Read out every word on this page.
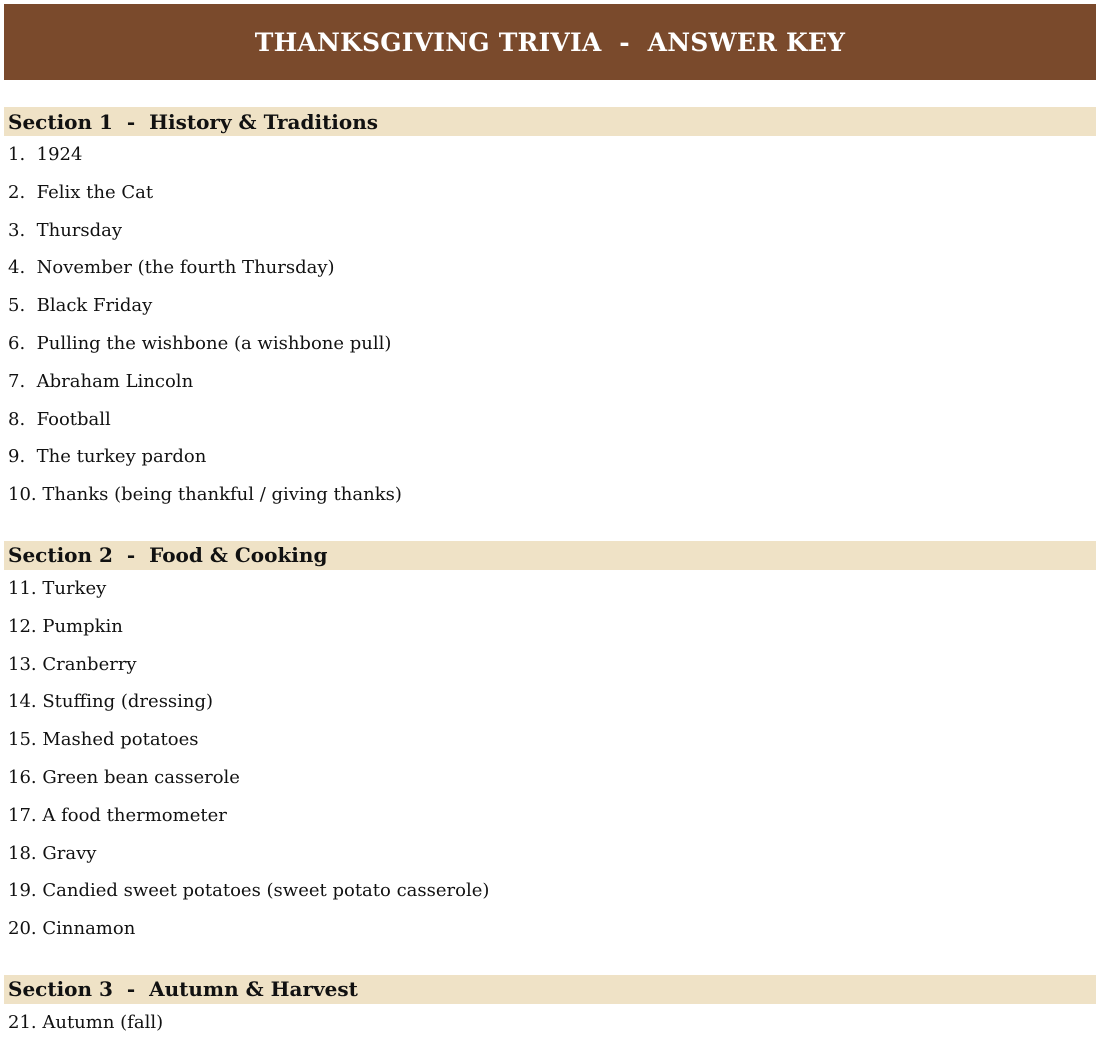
THANKSGIVING TRIVIA  -  ANSWER KEY
Section 1  -  History & Traditions
1.  1924
2.  Felix the Cat
3.  Thursday
4.  November (the fourth Thursday)
5.  Black Friday
6.  Pulling the wishbone (a wishbone pull)
7.  Abraham Lincoln
8.  Football
9.  The turkey pardon
10. Thanks (being thankful / giving thanks)
Section 2  -  Food & Cooking
11. Turkey
12. Pumpkin
13. Cranberry
14. Stuffing (dressing)
15. Mashed potatoes
16. Green bean casserole
17. A food thermometer
18. Gravy
19. Candied sweet potatoes (sweet potato casserole)
20. Cinnamon
Section 3  -  Autumn & Harvest
21. Autumn (fall)
